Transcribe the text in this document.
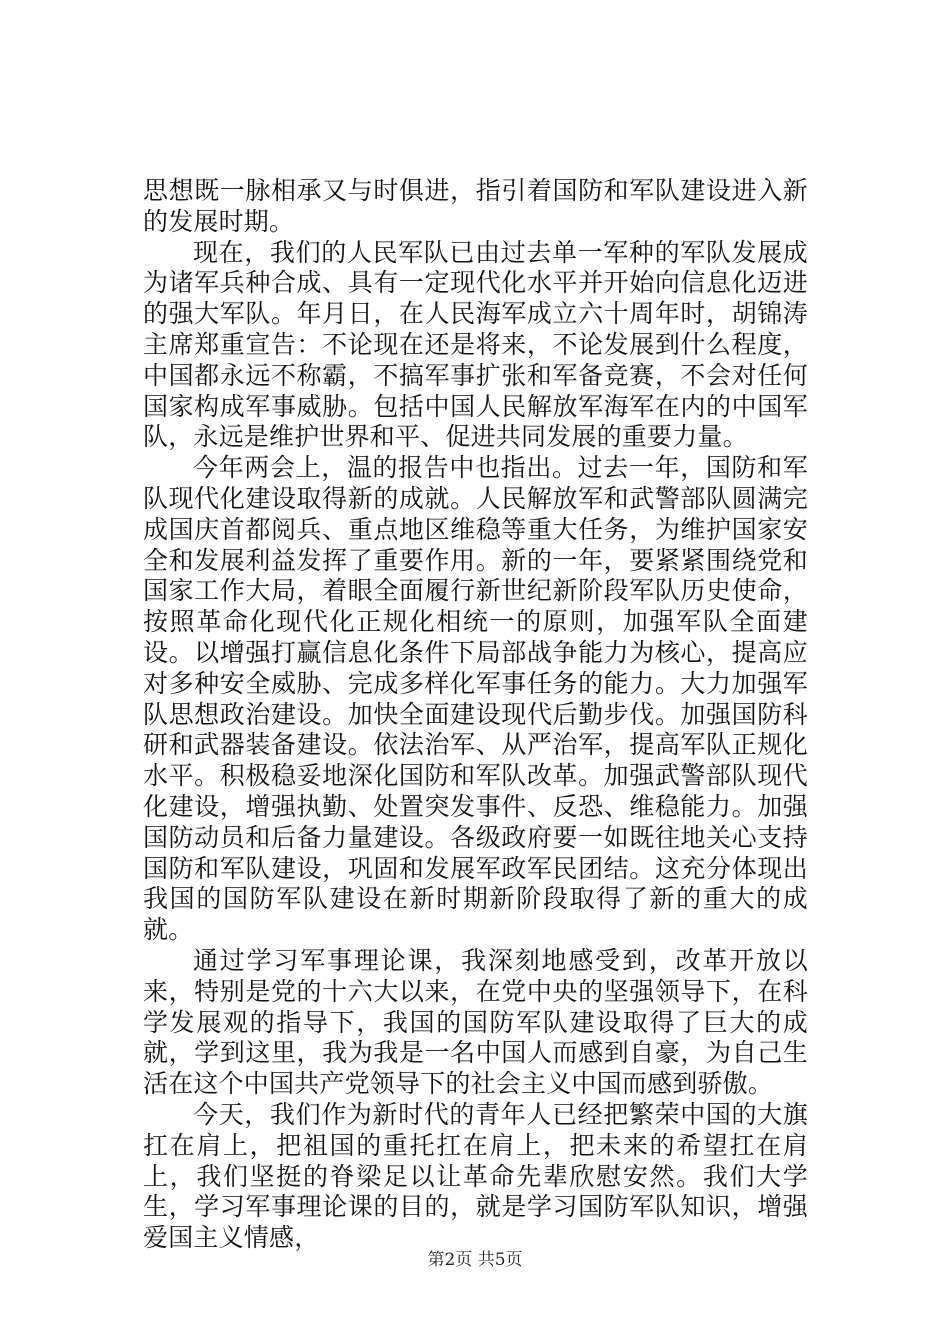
思想既一脉相承又与时俱进，指引着国防和军队建设进入新的发展时期。

现在，我们的人民军队已由过去单一军种的军队发展成为诸军兵种合成、具有一定现代化水平并开始向信息化迈进的强大军队。年月日，在人民海军成立六十周年时，胡锦涛主席郑重宣告：不论现在还是将来，不论发展到什么程度，中国都永远不称霸，不搞军事扩张和军备竞赛，不会对任何国家构成军事威胁。包括中国人民解放军海军在内的中国军队，永远是维护世界和平、促进共同发展的重要力量。

今年两会上，温的报告中也指出。过去一年，国防和军队现代化建设取得新的成就。人民解放军和武警部队圆满完成国庆首都阅兵、重点地区维稳等重大任务，为维护国家安全和发展利益发挥了重要作用。新的一年，要紧紧围绕党和国家工作大局，着眼全面履行新世纪新阶段军队历史使命，按照革命化现代化正规化相统一的原则，加强军队全面建设。以增强打赢信息化条件下局部战争能力为核心，提高应对多种安全威胁、完成多样化军事任务的能力。大力加强军队思想政治建设。加快全面建设现代后勤步伐。加强国防科研和武器装备建设。依法治军、从严治军，提高军队正规化水平。积极稳妥地深化国防和军队改革。加强武警部队现代化建设，增强执勤、处置突发事件、反恐、维稳能力。加强国防动员和后备力量建设。各级政府要一如既往地关心支持国防和军队建设，巩固和发展军政军民团结。这充分体现出我国的国防军队建设在新时期新阶段取得了新的重大的成就。

通过学习军事理论课，我深刻地感受到，改革开放以来，特别是党的十六大以来，在党中央的坚强领导下，在科学发展观的指导下，我国的国防军队建设取得了巨大的成就，学到这里，我为我是一名中国人而感到自豪，为自己生活在这个中国共产党领导下的社会主义中国而感到骄傲。

今天，我们作为新时代的青年人已经把繁荣中国的大旗扛在肩上，把祖国的重托扛在肩上，把未来的希望扛在肩上，我们坚挺的脊梁足以让革命先辈欣慰安然。我们大学生，学习军事理论课的目的，就是学习国防军队知识，增强爱国主义情感，

第2页 共5页
